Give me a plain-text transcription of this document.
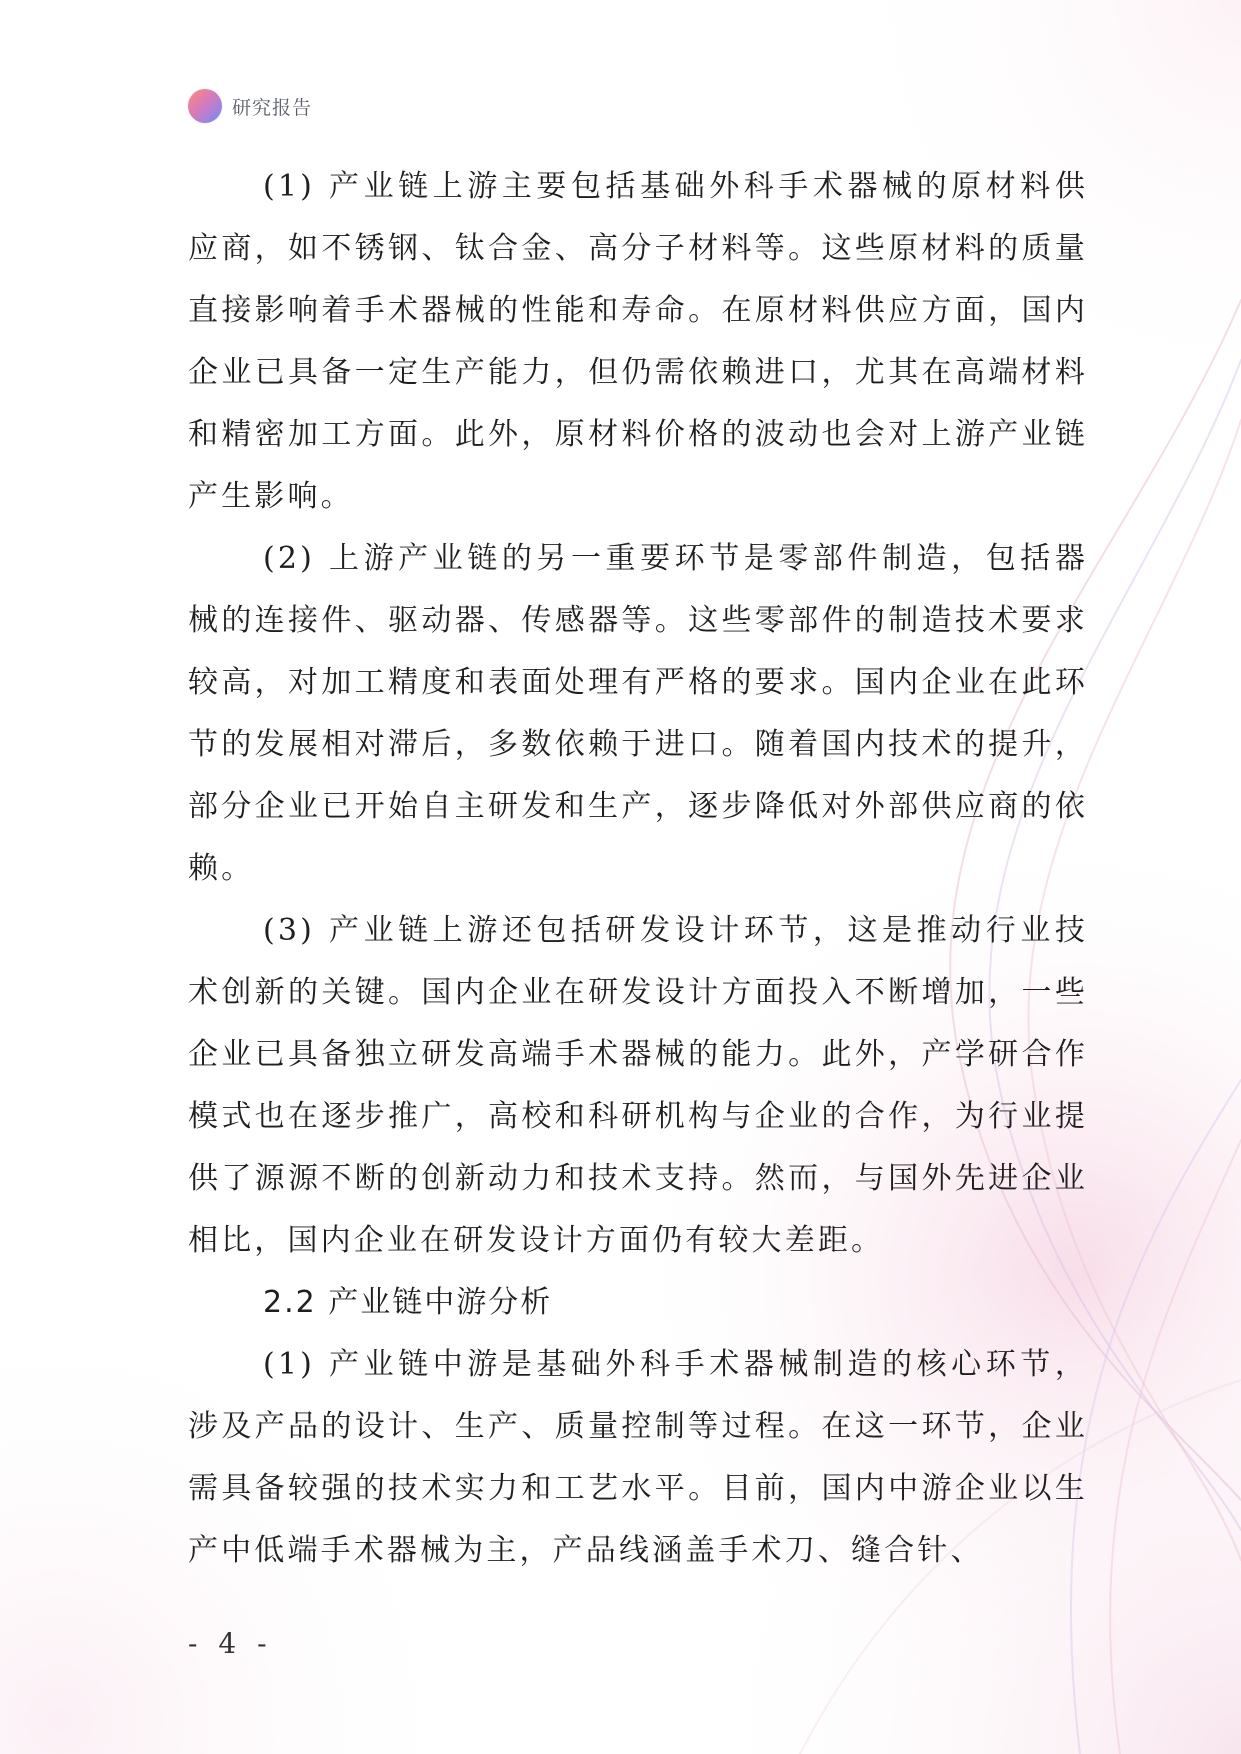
研究报告

(1) 产业链上游主要包括基础外科手术器械的原材料供应商，如不锈钢、钛合金、高分子材料等。这些原材料的质量直接影响着手术器械的性能和寿命。在原材料供应方面，国内企业已具备一定生产能力，但仍需依赖进口，尤其在高端材料和精密加工方面。此外，原材料价格的波动也会对上游产业链产生影响。

(2) 上游产业链的另一重要环节是零部件制造，包括器械的连接件、驱动器、传感器等。这些零部件的制造技术要求较高，对加工精度和表面处理有严格的要求。国内企业在此环节的发展相对滞后，多数依赖于进口。随着国内技术的提升，部分企业已开始自主研发和生产，逐步降低对外部供应商的依赖。

(3) 产业链上游还包括研发设计环节，这是推动行业技术创新的关键。国内企业在研发设计方面投入不断增加，一些企业已具备独立研发高端手术器械的能力。此外，产学研合作模式也在逐步推广，高校和科研机构与企业的合作，为行业提供了源源不断的创新动力和技术支持。然而，与国外先进企业相比，国内企业在研发设计方面仍有较大差距。

2.2 产业链中游分析

(1) 产业链中游是基础外科手术器械制造的核心环节，涉及产品的设计、生产、质量控制等过程。在这一环节，企业需具备较强的技术实力和工艺水平。目前，国内中游企业以生产中低端手术器械为主，产品线涵盖手术刀、缝合针、

- 4 -
